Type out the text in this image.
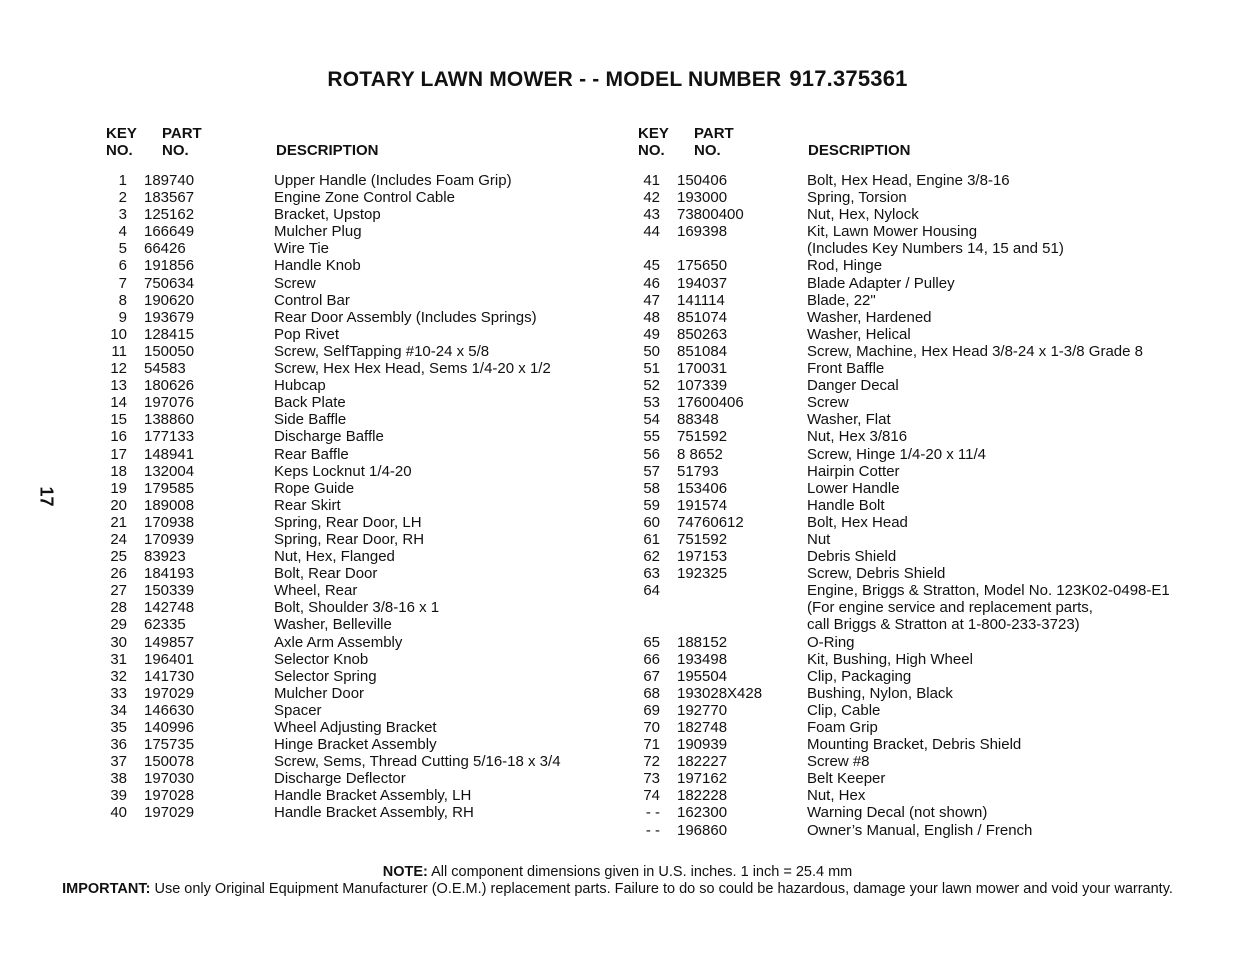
ROTARY LAWN MOWER - - MODEL NUMBER 917.375361
KEY
NO.
PART
NO.	DESCRIPTION
KEY
NO.
PART
NO.	DESCRIPTION
1 189740	Upper Handle (Includes Foam Grip)
2 183567	Engine Zone Control Cable
3 125162	Bracket, Upstop
4 166649	Mulcher Plug
5 66426	Wire Tie
6 191856	Handle Knob
7 750634	Screw
8 190620	Control Bar
9 193679	Rear Door Assembly (Includes Springs)
10 128415	Pop Rivet
11 150050	Screw, SelfTapping #10-24 x 5/8
12 54583	Screw, Hex Hex Head, Sems 1/4-20 x 1/2
13 180626	Hubcap
14 197076	Back Plate
15 138860	Side Baffle
16 177133	Discharge Baffle
17 148941	Rear Baffle
18 132004	Keps Locknut 1/4-20
19 179585	Rope Guide
20 189008	Rear Skirt
21 170938	Spring, Rear Door, LH
24 170939	Spring, Rear Door, RH
25 83923	Nut, Hex, Flanged
26 184193	Bolt, Rear Door
27 150339	Wheel, Rear
28 142748	Bolt, Shoulder 3/8-16 x 1
29 62335	Washer, Belleville
30 149857	Axle Arm Assembly
31 196401	Selector Knob
32 141730	Selector Spring
33 197029	Mulcher Door
34 146630	Spacer
35 140996	Wheel Adjusting Bracket
36 175735	Hinge Bracket Assembly
37 150078	Screw, Sems, Thread Cutting 5/16-18 x 3/4
38 197030	Discharge Deflector
39 197028	Handle Bracket Assembly, LH
40 197029	Handle Bracket Assembly, RH
41 150406	Bolt, Hex Head, Engine 3/8-16
42 193000	Spring, Torsion
43 73800400	Nut, Hex, Nylock
44 169398	Kit, Lawn Mower Housing
(Includes Key Numbers 14, 15 and 51)
45 175650	Rod, Hinge
46 194037	Blade Adapter / Pulley
47 141114	Blade, 22"
48 851074	Washer, Hardened
49 850263	Washer, Helical
50 851084	Screw, Machine, Hex Head 3/8-24 x 1-3/8 Grade 8
51 170031	Front Baffle
52 107339	Danger Decal
53 17600406	Screw
54 88348	Washer, Flat
55 751592	Nut, Hex 3/816
56 8 8652	Screw, Hinge 1/4-20 x 11/4
57 51793	Hairpin Cotter
58 153406	Lower Handle
59 191574	Handle Bolt
60 74760612	Bolt, Hex Head
61 751592	Nut
62 197153	Debris Shield
63 192325	Screw, Debris Shield
64	Engine, Briggs & Stratton, Model No. 123K02-0498-E1
(For engine service and replacement parts,
call Briggs & Stratton at 1-800-233-3723)
65 188152	O-Ring
66 193498	Kit, Bushing, High Wheel
67 195504	Clip, Packaging
68 193028X428	Bushing, Nylon, Black
69 192770	Clip, Cable
70 182748	Foam Grip
71 190939	Mounting Bracket, Debris Shield
72 182227	Screw #8
73 197162	Belt Keeper
74 182228	Nut, Hex
- - 162300	Warning Decal (not shown)
- - 196860	Owner’s Manual, English / French
17
NOTE: All component dimensions given in U.S. inches. 1 inch = 25.4 mm
IMPORTANT: Use only Original Equipment Manufacturer (O.E.M.) replacement parts. Failure to do so could be hazardous, damage your lawn mower and void your warranty.
